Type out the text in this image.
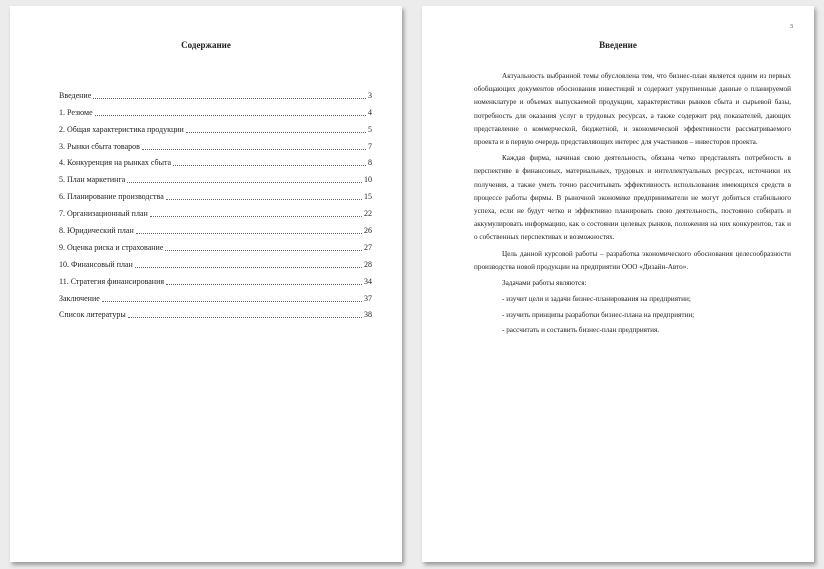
Содержание
Введение	3
1. Резюме	4
2. Общая характеристика продукции	5
3. Рынки сбыта товаров	7
4. Конкуренция на рынках сбыта	8
5. План маркетинга	10
6. Планирование производства	15
7. Организационный план	22
8. Юридический план	26
9. Оценка риска и страхование	27
10. Финансовый план	28
11. Стратегия финансирования	34
Заключение	37
Список литературы	38
3
Введение

Актуальность выбранной темы обусловлена тем, что бизнес-план является одним из первых обобщающих документов обоснования инвестиций и содержит укрупненные данные о планируемой номенклатуре и объемах выпускаемой продукции, характеристики рынков сбыта и сырьевой базы, потребность для оказания услуг в трудовых ресурсах, а также содержит ряд показателей, дающих представление о коммерческой, бюджетной, и экономической эффективности рассматриваемого проекта и в первую очередь представляющих интерес для участников – инвесторов проекта.

Каждая фирма, начиная свою деятельность, обязана четко представлять потребность в перспективе в финансовых, материальных, трудовых и интеллектуальных ресурсах, источники их получения, а также уметь точно рассчитывать эффективность использования имеющихся средств в процессе работы фирмы. В рыночной экономике предприниматели не могут добиться стабильного успеха, если не будут четко и эффективно планировать свою деятельность, постоянно собирать и аккумулировать информацию, как о состоянии целевых рынков, положения на них конкурентов, так и о собственных перспективах и возможностях.

Цель данной курсовой работы – разработка экономического обоснования целесообразности производства новой продукции на предприятии ООО «Дизайн-Авто».

Задачами работы являются:

- изучит цели и задачи бизнес-планирования на предприятии;
- изучить принципы разработки бизнес-плана на предприятии;
- рассчитать и составить бизнес-план предприятия.
